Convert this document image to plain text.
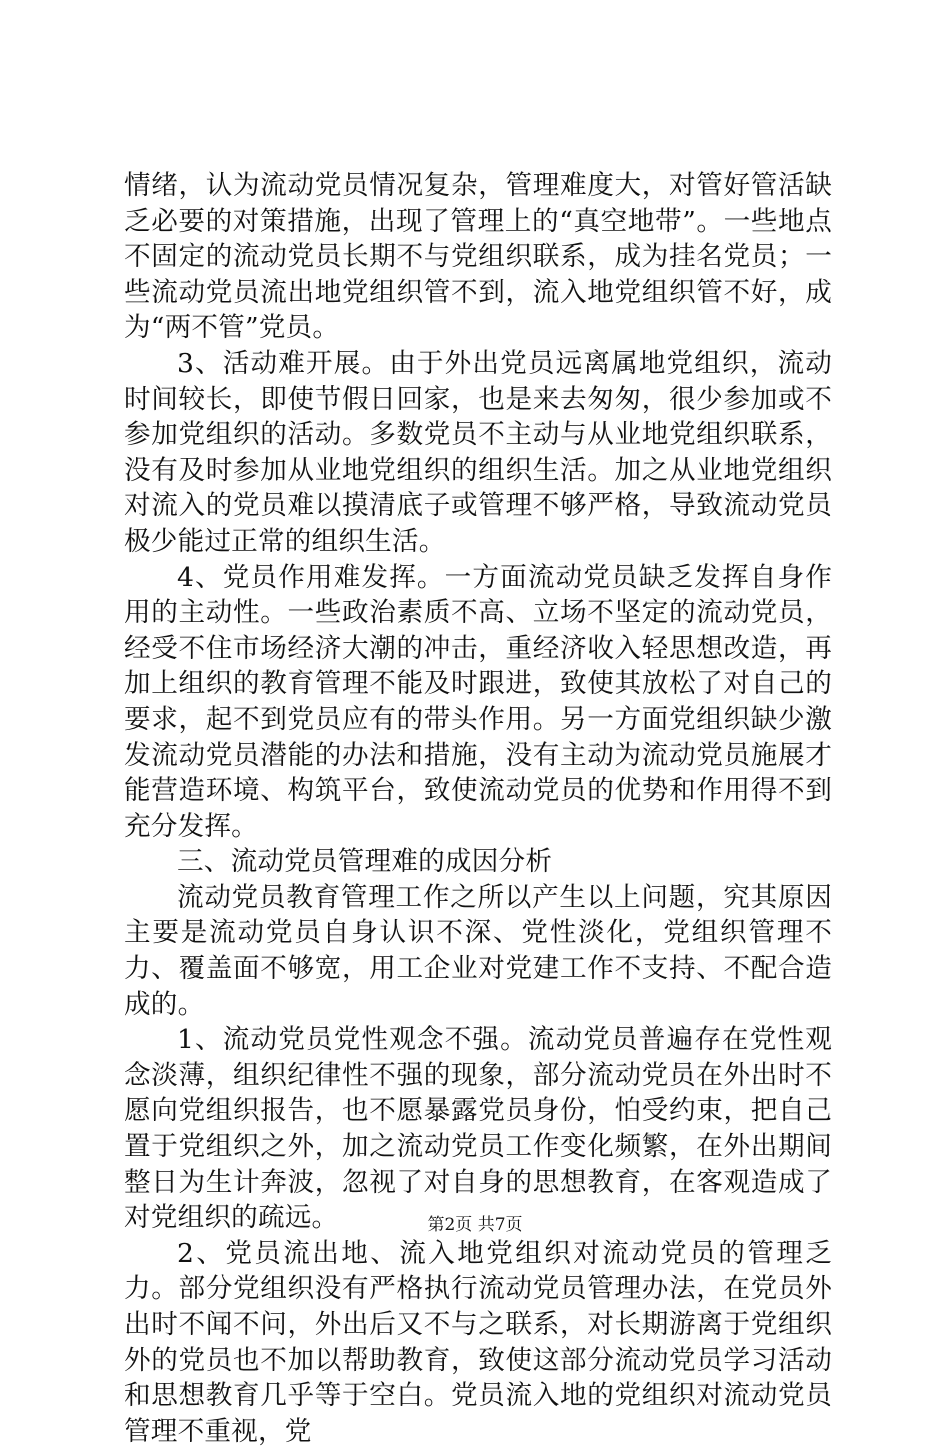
情绪，认为流动党员情况复杂，管理难度大，对管好管活缺乏必要的对策措施，出现了管理上的“真空地带”。一些地点不固定的流动党员长期不与党组织联系，成为挂名党员；一些流动党员流出地党组织管不到，流入地党组织管不好，成为“两不管”党员。

3、活动难开展。由于外出党员远离属地党组织，流动时间较长，即使节假日回家，也是来去匆匆，很少参加或不参加党组织的活动。多数党员不主动与从业地党组织联系，没有及时参加从业地党组织的组织生活。加之从业地党组织对流入的党员难以摸清底子或管理不够严格，导致流动党员极少能过正常的组织生活。

4、党员作用难发挥。一方面流动党员缺乏发挥自身作用的主动性。一些政治素质不高、立场不坚定的流动党员，经受不住市场经济大潮的冲击，重经济收入轻思想改造，再加上组织的教育管理不能及时跟进，致使其放松了对自己的要求，起不到党员应有的带头作用。另一方面党组织缺少激发流动党员潜能的办法和措施，没有主动为流动党员施展才能营造环境、构筑平台，致使流动党员的优势和作用得不到充分发挥。

三、流动党员管理难的成因分析

流动党员教育管理工作之所以产生以上问题，究其原因主要是流动党员自身认识不深、党性淡化，党组织管理不力、覆盖面不够宽，用工企业对党建工作不支持、不配合造成的。

1、流动党员党性观念不强。流动党员普遍存在党性观念淡薄，组织纪律性不强的现象，部分流动党员在外出时不愿向党组织报告，也不愿暴露党员身份，怕受约束，把自己置于党组织之外，加之流动党员工作变化频繁，在外出期间整日为生计奔波，忽视了对自身的思想教育，在客观造成了对党组织的疏远。

2、党员流出地、流入地党组织对流动党员的管理乏力。部分党组织没有严格执行流动党员管理办法，在党员外出时不闻不问，外出后又不与之联系，对长期游离于党组织外的党员也不加以帮助教育，致使这部分流动党员学习活动和思想教育几乎等于空白。党员流入地的党组织对流动党员管理不重视，党

第2页 共7页
